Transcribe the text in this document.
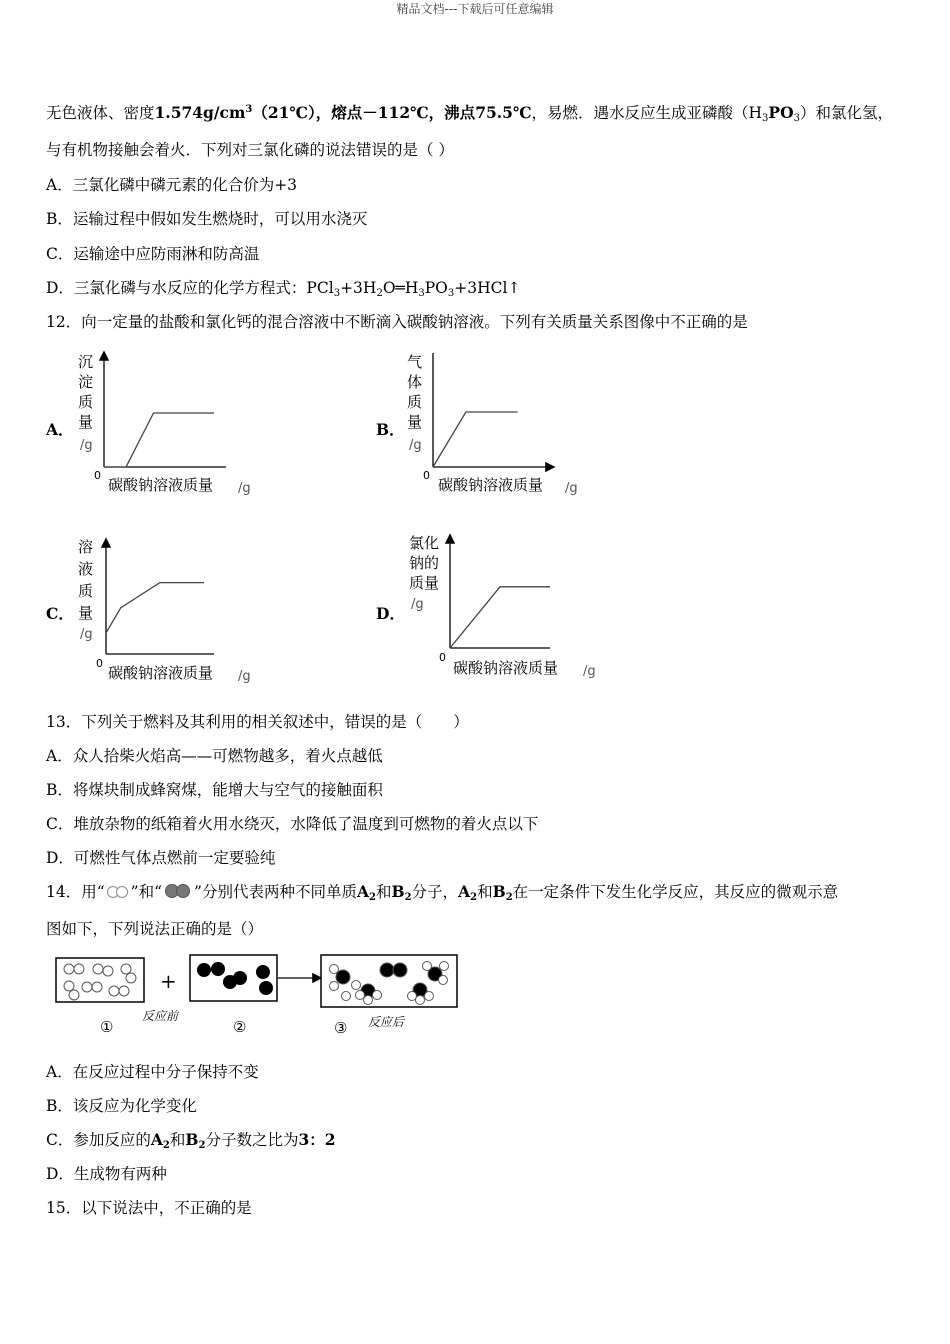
精品文档---下载后可任意编辑
无色液体、密度$1.574g/cm^3(21℃)$，熔点－112℃，沸点75.5℃，易燃．遇水反应生成亚磷酸$(H_3PO_3)$和氯化氢，
与有机物接触会着火．下列对三氯化磷的说法错误的是（ ）
A．三氯化磷中磷元素的化合价为+3
B．运输过程中假如发生燃烧时，可以用水浇灭
C．运输途中应防雨淋和防高温
D．三氯化磷与水反应的化学方程式：$PCl_3+3H_2O═H_3PO_3+3HCl↑$
12．向一定量的盐酸和氯化钙的混合溶液中不断滴入碳酸钠溶液。下列有关质量关系图像中不正确的是
A．	B．
C．	D．
沉
淀
质
量
/g
0
碳酸钠溶液质量 /g
气
体
质
量
/g
0
碳酸钠溶液质量 /g
溶
液
质
量
/g
0
碳酸钠溶液质量 /g
氯化
钠的
质量
/g
0
碳酸钠溶液质量 /g
13．下列关于燃料及其利用的相关叙述中，错误的是（　　）
A．众人拾柴火焰高——可燃物越多，着火点越低
B．将煤块制成蜂窝煤，能增大与空气的接触面积
C．堆放杂物的纸箱着火用水绕灭，水降低了温度到可燃物的着火点以下
D．可燃性气体点燃前一定要验纯
14．用“ ”和“ ”分别代表两种不同单质$A_2$和$B_2$分子，$A_2$和$B_2$在一定条件下发生化学反应，其反应的微观示意
图如下，下列说法正确的是（）
+
①
反应前
②	③ 反应后
A．在反应过程中分子保持不变
B．该反应为化学变化
C．参加反应的$A_2$和$B_2$分子数之比为3：2
D．生成物有两种
15．以下说法中，不正确的是
